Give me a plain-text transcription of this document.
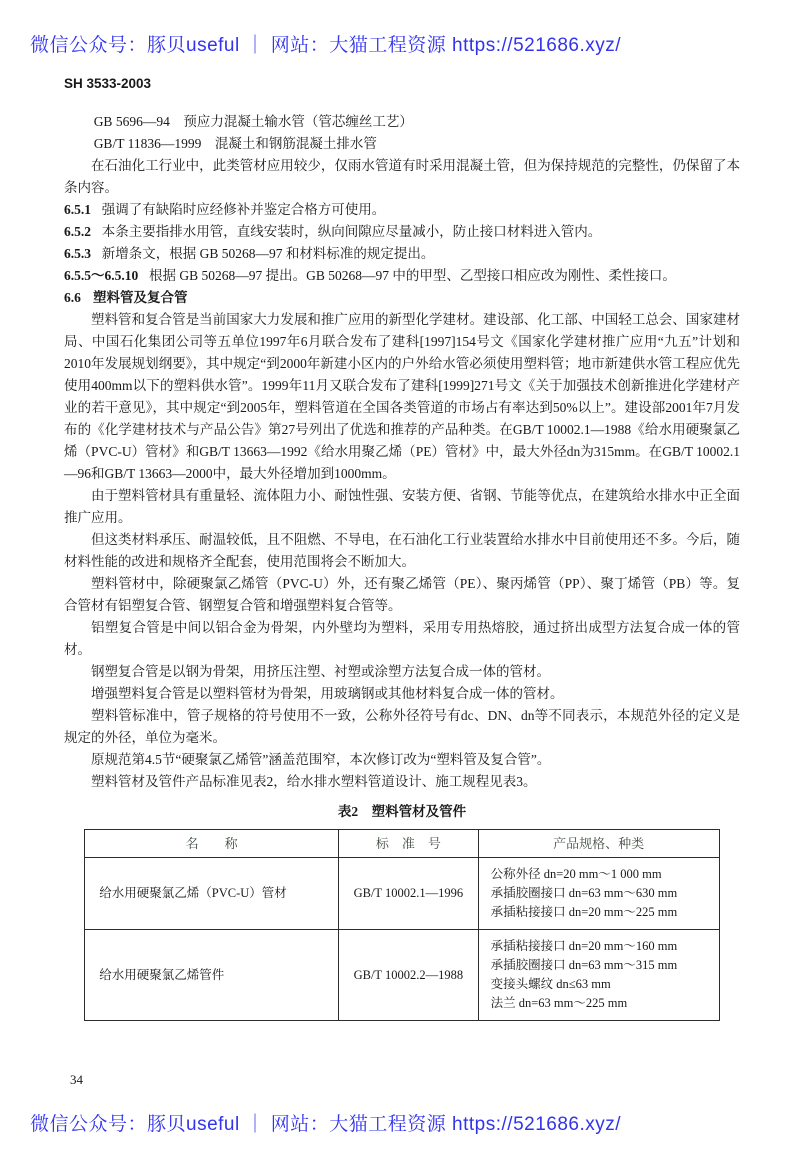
微信公众号：豚贝useful ｜ 网站：大猫工程资源 https://521686.xyz/
SH 3533-2003
GB 5696—94　预应力混凝土输水管（管芯缠丝工艺）
GB/T 11836—1999　混凝土和钢筋混凝土排水管
在石油化工行业中，此类管材应用较少，仅雨水管道有时采用混凝土管，但为保持规范的完整性，仍保留了本条内容。
6.5.1 强调了有缺陷时应经修补并鉴定合格方可使用。
6.5.2 本条主要指排水用管，直线安装时，纵向间隙应尽量减小，防止接口材料进入管内。
6.5.3 新增条文，根据 GB 50268—97 和材料标准的规定提出。
6.5.5～6.5.10 根据 GB 50268—97 提出。GB 50268—97 中的甲型、乙型接口相应改为刚性、柔性接口。
6.6 塑料管及复合管
塑料管和复合管是当前国家大力发展和推广应用的新型化学建材。建设部、化工部、中国轻工总会、国家建材局、中国石化集团公司等五单位1997年6月联合发布了建科[1997]154号文《国家化学建材推广应用“九五”计划和2010年发展规划纲要》，其中规定“到2000年新建小区内的户外给水管必须使用塑料管；地市新建供水管工程应优先使用400mm以下的塑料供水管”。1999年11月又联合发布了建科[1999]271号文《关于加强技术创新推进化学建材产业的若干意见》，其中规定“到2005年，塑料管道在全国各类管道的市场占有率达到50%以上”。建设部2001年7月发布的《化学建材技术与产品公告》第27号列出了优选和推荐的产品种类。在GB/T 10002.1—1988《给水用硬聚氯乙烯（PVC-U）管材》和GB/T 13663—1992《给水用聚乙烯（PE）管材》中，最大外径dn为315mm。在GB/T 10002.1—96和GB/T 13663—2000中，最大外径增加到1000mm。
由于塑料管材具有重量轻、流体阻力小、耐蚀性强、安装方便、省钢、节能等优点，在建筑给水排水中正全面推广应用。
但这类材料承压、耐温较低，且不阻燃、不导电，在石油化工行业装置给水排水中目前使用还不多。今后，随材料性能的改进和规格齐全配套，使用范围将会不断加大。
塑料管材中，除硬聚氯乙烯管（PVC-U）外，还有聚乙烯管（PE）、聚丙烯管（PP）、聚丁烯管（PB）等。复合管材有铝塑复合管、钢塑复合管和增强塑料复合管等。
铝塑复合管是中间以铝合金为骨架，内外壁均为塑料，采用专用热熔胶，通过挤出成型方法复合成一体的管材。
钢塑复合管是以钢为骨架，用挤压注塑、衬塑或涂塑方法复合成一体的管材。
增强塑料复合管是以塑料管材为骨架，用玻璃钢或其他材料复合成一体的管材。
塑料管标准中，管子规格的符号使用不一致，公称外径符号有dc、DN、dn等不同表示，本规范外径的定义是规定的外径，单位为毫米。
原规范第4.5节“硬聚氯乙烯管”涵盖范围窄，本次修订改为“塑料管及复合管”。
塑料管材及管件产品标准见表2，给水排水塑料管道设计、施工规程见表3。
表2　塑料管材及管件
名　　称	标　准　号	产品规格、种类
给水用硬聚氯乙烯（PVC-U）管材	GB/T 10002.1—1996	公称外径 dn=20 mm～1 000 mm
承插胶圈接口 dn=63 mm～630 mm
承插粘接接口 dn=20 mm～225 mm

给水用硬聚氯乙烯管件	GB/T 10002.2—1988	承插粘接接口 dn=20 mm～160 mm
承插胶圈接口 dn=63 mm～315 mm
变接头螺纹 dn≤63 mm
法兰 dn=63 mm～225 mm
34
微信公众号：豚贝useful ｜ 网站：大猫工程资源 https://521686.xyz/
